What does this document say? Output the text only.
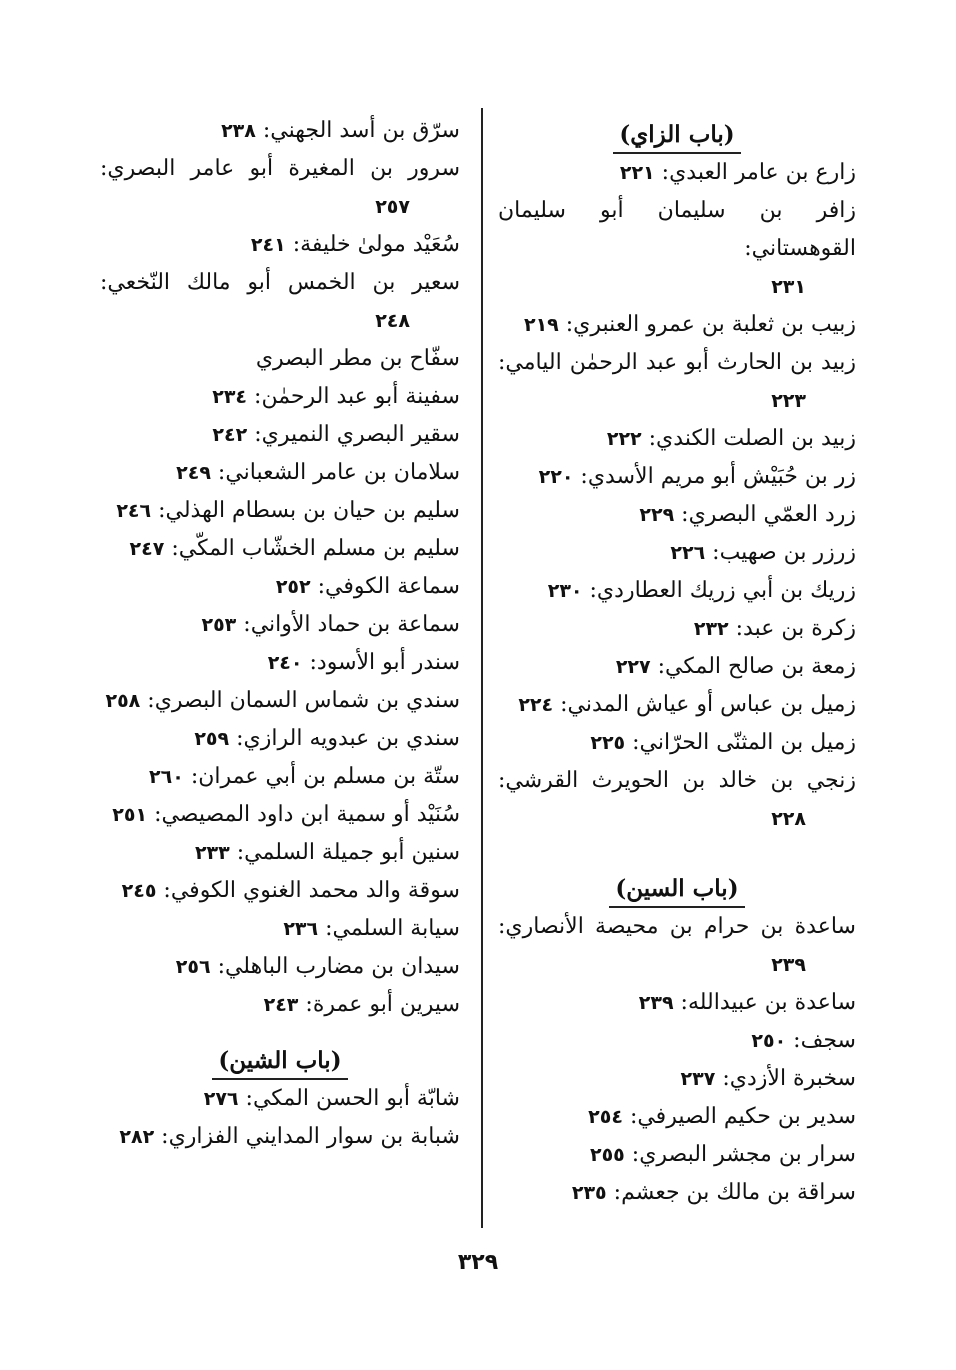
(باب الزاي)
زارع بن عامر العبدي: ٢٢١
زافر بن سليمان أبو سليمان القوهستاني:
٢٣١
زبيب بن ثعلبة بن عمرو العنبري: ٢١٩
زبيد بن الحارث أبو عبد الرحمٰن اليامي:
٢٢٣
زبيد بن الصلت الكندي: ٢٢٢
زر بن حُبَيْش أبو مريم الأسدي: ٢٢٠
زرد العمّي البصري: ٢٢٩
زرزر بن صهيب: ٢٢٦
زريك بن أبي زريك العطاردي: ٢٣٠
زكرة بن عبد: ٢٣٢
زمعة بن صالح المكي: ٢٢٧
زميل بن عباس أو عياش المدني: ٢٢٤
زميل بن المثنّى الحرّاني: ٢٢٥
زنجي بن خالد بن الحويرث القرشي:
٢٢٨
(باب السين)
ساعدة بن حرام بن محيصة الأنصاري:
٢٣٩
ساعدة بن عبيدالله: ٢٣٩
سجف: ٢٥٠
سخبرة الأزدي: ٢٣٧
سدير بن حكيم الصيرفي: ٢٥٤
سرار بن مجشر البصري: ٢٥٥
سراقة بن مالك بن جعشم: ٢٣٥
سرّق بن أسد الجهني: ٢٣٨
سرور بن المغيرة أبو عامر البصري:
٢٥٧
سُعَيْد مولىٰ خليفة: ٢٤١
سعير بن الخمس أبو مالك النّخعي:
٢٤٨
سفّاح بن مطر البصري
سفينة أبو عبد الرحمٰن: ٢٣٤
سقير البصري النميري: ٢٤٢
سلامان بن عامر الشعباني: ٢٤٩
سليم بن حيان بن بسطام الهذلي: ٢٤٦
سليم بن مسلم الخشّاب المكّي: ٢٤٧
سماعة الكوفي: ٢٥٢
سماعة بن حماد الأواني: ٢٥٣
سندر أبو الأسود: ٢٤٠
سندي بن شماس السمان البصري: ٢٥٨
سندي بن عبدويه الرازي: ٢٥٩
ستّة بن مسلم بن أبي عمران: ٢٦٠
سُنَيْد أو سمية ابن داود المصيصي: ٢٥١
سنين أبو جميلة السلمي: ٢٣٣
سوقة والد محمد الغنوي الكوفي: ٢٤٥
سيابة السلمي: ٢٣٦
سيدان بن مضارب الباهلي: ٢٥٦
سيرين أبو عمرة: ٢٤٣
(باب الشين)
شابّة أبو الحسن المكي: ٢٧٦
شبابة بن سوار المدايني الفزاري: ٢٨٢
٣٢٩
